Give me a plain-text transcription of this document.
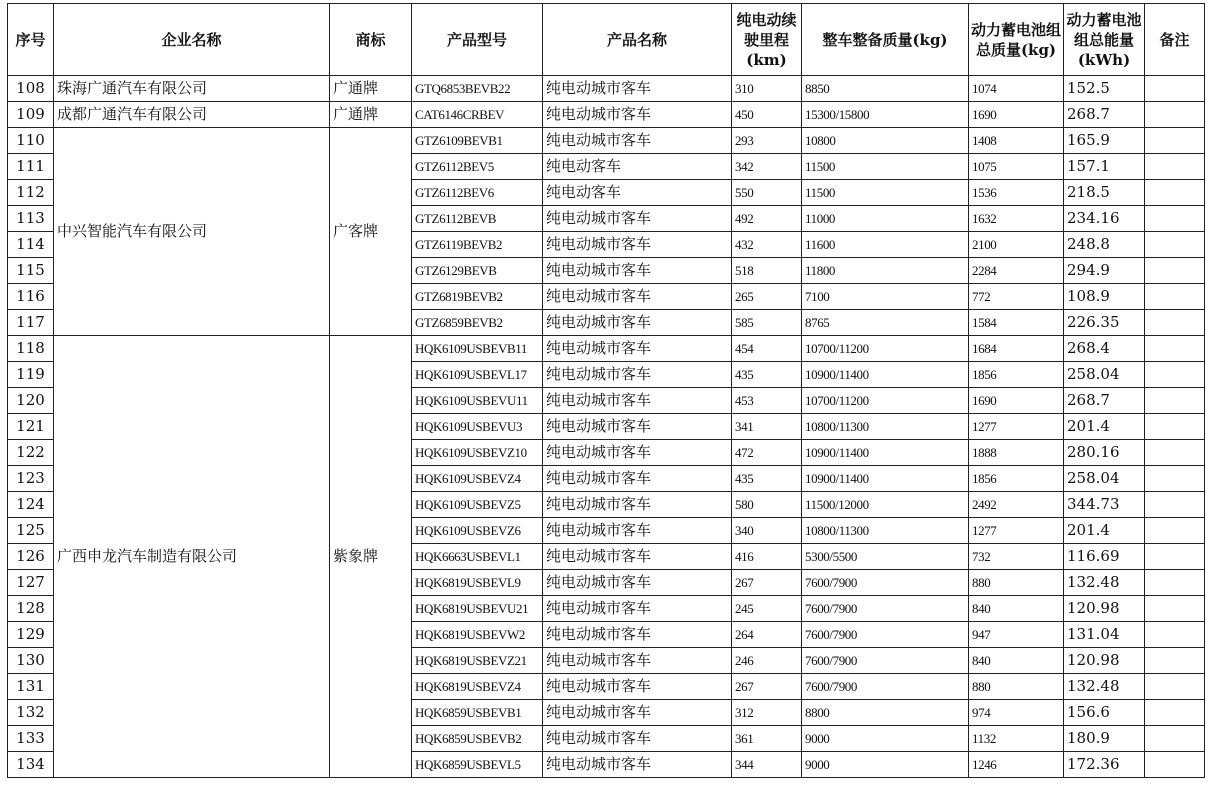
序号	企业名称	商标	产品型号	产品名称	纯电动续驶里程(km)	整车整备质量(kg)	动力蓄电池组总质量(kg)	动力蓄电池组总能量(kWh)	备注
108	珠海广通汽车有限公司	广通牌	GTQ6853BEVB22	纯电动城市客车	310	8850	1074	152.5	
109	成都广通汽车有限公司	广通牌	CAT6146CRBEV	纯电动城市客车	450	15300/15800	1690	268.7	
110	中兴智能汽车有限公司	广客牌	GTZ6109BEVB1	纯电动城市客车	293	10800	1408	165.9	
111			GTZ6112BEV5	纯电动客车	342	11500	1075	157.1	
112			GTZ6112BEV6	纯电动客车	550	11500	1536	218.5	
113			GTZ6112BEVB	纯电动城市客车	492	11000	1632	234.16	
114			GTZ6119BEVB2	纯电动城市客车	432	11600	2100	248.8	
115			GTZ6129BEVB	纯电动城市客车	518	11800	2284	294.9	
116			GTZ6819BEVB2	纯电动城市客车	265	7100	772	108.9	
117			GTZ6859BEVB2	纯电动城市客车	585	8765	1584	226.35	
118	广西申龙汽车制造有限公司	紫象牌	HQK6109USBEVB11	纯电动城市客车	454	10700/11200	1684	268.4	
119			HQK6109USBEVL17	纯电动城市客车	435	10900/11400	1856	258.04	
120			HQK6109USBEVU11	纯电动城市客车	453	10700/11200	1690	268.7	
121			HQK6109USBEVU3	纯电动城市客车	341	10800/11300	1277	201.4	
122			HQK6109USBEVZ10	纯电动城市客车	472	10900/11400	1888	280.16	
123			HQK6109USBEVZ4	纯电动城市客车	435	10900/11400	1856	258.04	
124			HQK6109USBEVZ5	纯电动城市客车	580	11500/12000	2492	344.73	
125			HQK6109USBEVZ6	纯电动城市客车	340	10800/11300	1277	201.4	
126			HQK6663USBEVL1	纯电动城市客车	416	5300/5500	732	116.69	
127			HQK6819USBEVL9	纯电动城市客车	267	7600/7900	880	132.48	
128			HQK6819USBEVU21	纯电动城市客车	245	7600/7900	840	120.98	
129			HQK6819USBEVW2	纯电动城市客车	264	7600/7900	947	131.04	
130			HQK6819USBEVZ21	纯电动城市客车	246	7600/7900	840	120.98	
131			HQK6819USBEVZ4	纯电动城市客车	267	7600/7900	880	132.48	
132			HQK6859USBEVB1	纯电动城市客车	312	8800	974	156.6	
133			HQK6859USBEVB2	纯电动城市客车	361	9000	1132	180.9	
134			HQK6859USBEVL5	纯电动城市客车	344	9000	1246	172.36	
